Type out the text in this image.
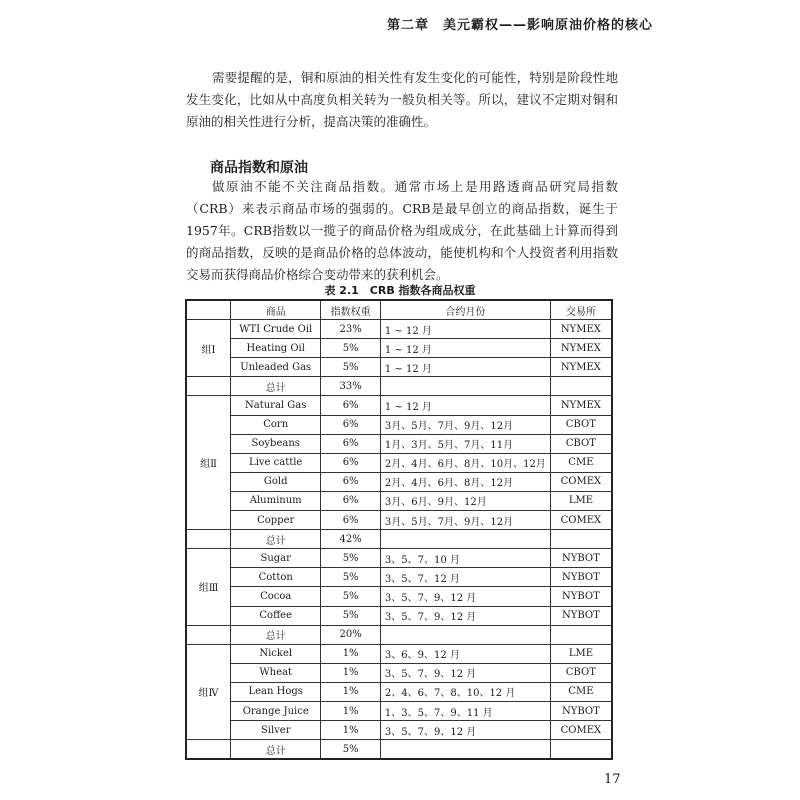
第二章　美元霸权——影响原油价格的核心

需要提醒的是，铜和原油的相关性有发生变化的可能性，特别是阶段性地发生变化，比如从中高度负相关转为一般负相关等。所以，建议不定期对铜和原油的相关性进行分析，提高决策的准确性。

商品指数和原油

做原油不能不关注商品指数。通常市场上是用路透商品研究局指数（CRB）来表示商品市场的强弱的。CRB是最早创立的商品指数，诞生于1957年。CRB指数以一揽子的商品价格为组成成分，在此基础上计算而得到的商品指数，反映的是商品价格的总体波动，能使机构和个人投资者利用指数交易而获得商品价格综合变动带来的获利机会。

表 2.1　CRB 指数各商品权重
	商品	指数权重	合约月份	交易所
组Ⅰ	WTI Crude Oil	23%	1 ~ 12 月	NYMEX
	Heating Oil	5%	1 ~ 12 月	NYMEX
	Unleaded Gas	5%	1 ~ 12 月	NYMEX
	总计	33%		
组Ⅱ	Natural Gas	6%	1 ~ 12 月	NYMEX
	Corn	6%	3月、5月、7月、9月、12月	CBOT
	Soybeans	6%	1月、3月、5月、7月、11月	CBOT
	Live cattle	6%	2月、4月、6月、8月、10月、12月	CME
	Gold	6%	2月、4月、6月、8月、12月	COMEX
	Aluminum	6%	3月、6月、9月、12月	LME
	Copper	6%	3月、5月、7月、9月、12月	COMEX
	总计	42%		
组Ⅲ	Sugar	5%	3、5、7、10 月	NYBOT
	Cotton	5%	3、5、7、12 月	NYBOT
	Cocoa	5%	3、5、7、9、12 月	NYBOT
	Coffee	5%	3、5、7、9、12 月	NYBOT
	总计	20%		
组Ⅳ	Nickel	1%	3、6、9、12 月	LME
	Wheat	1%	3、5、7、9、12 月	CBOT
	Lean Hogs	1%	2、4、6、7、8、10、12 月	CME
	Orange Juice	1%	1、3、5、7、9、11 月	NYBOT
	Silver	1%	3、5、7、9、12 月	COMEX
	总计	5%		
17
